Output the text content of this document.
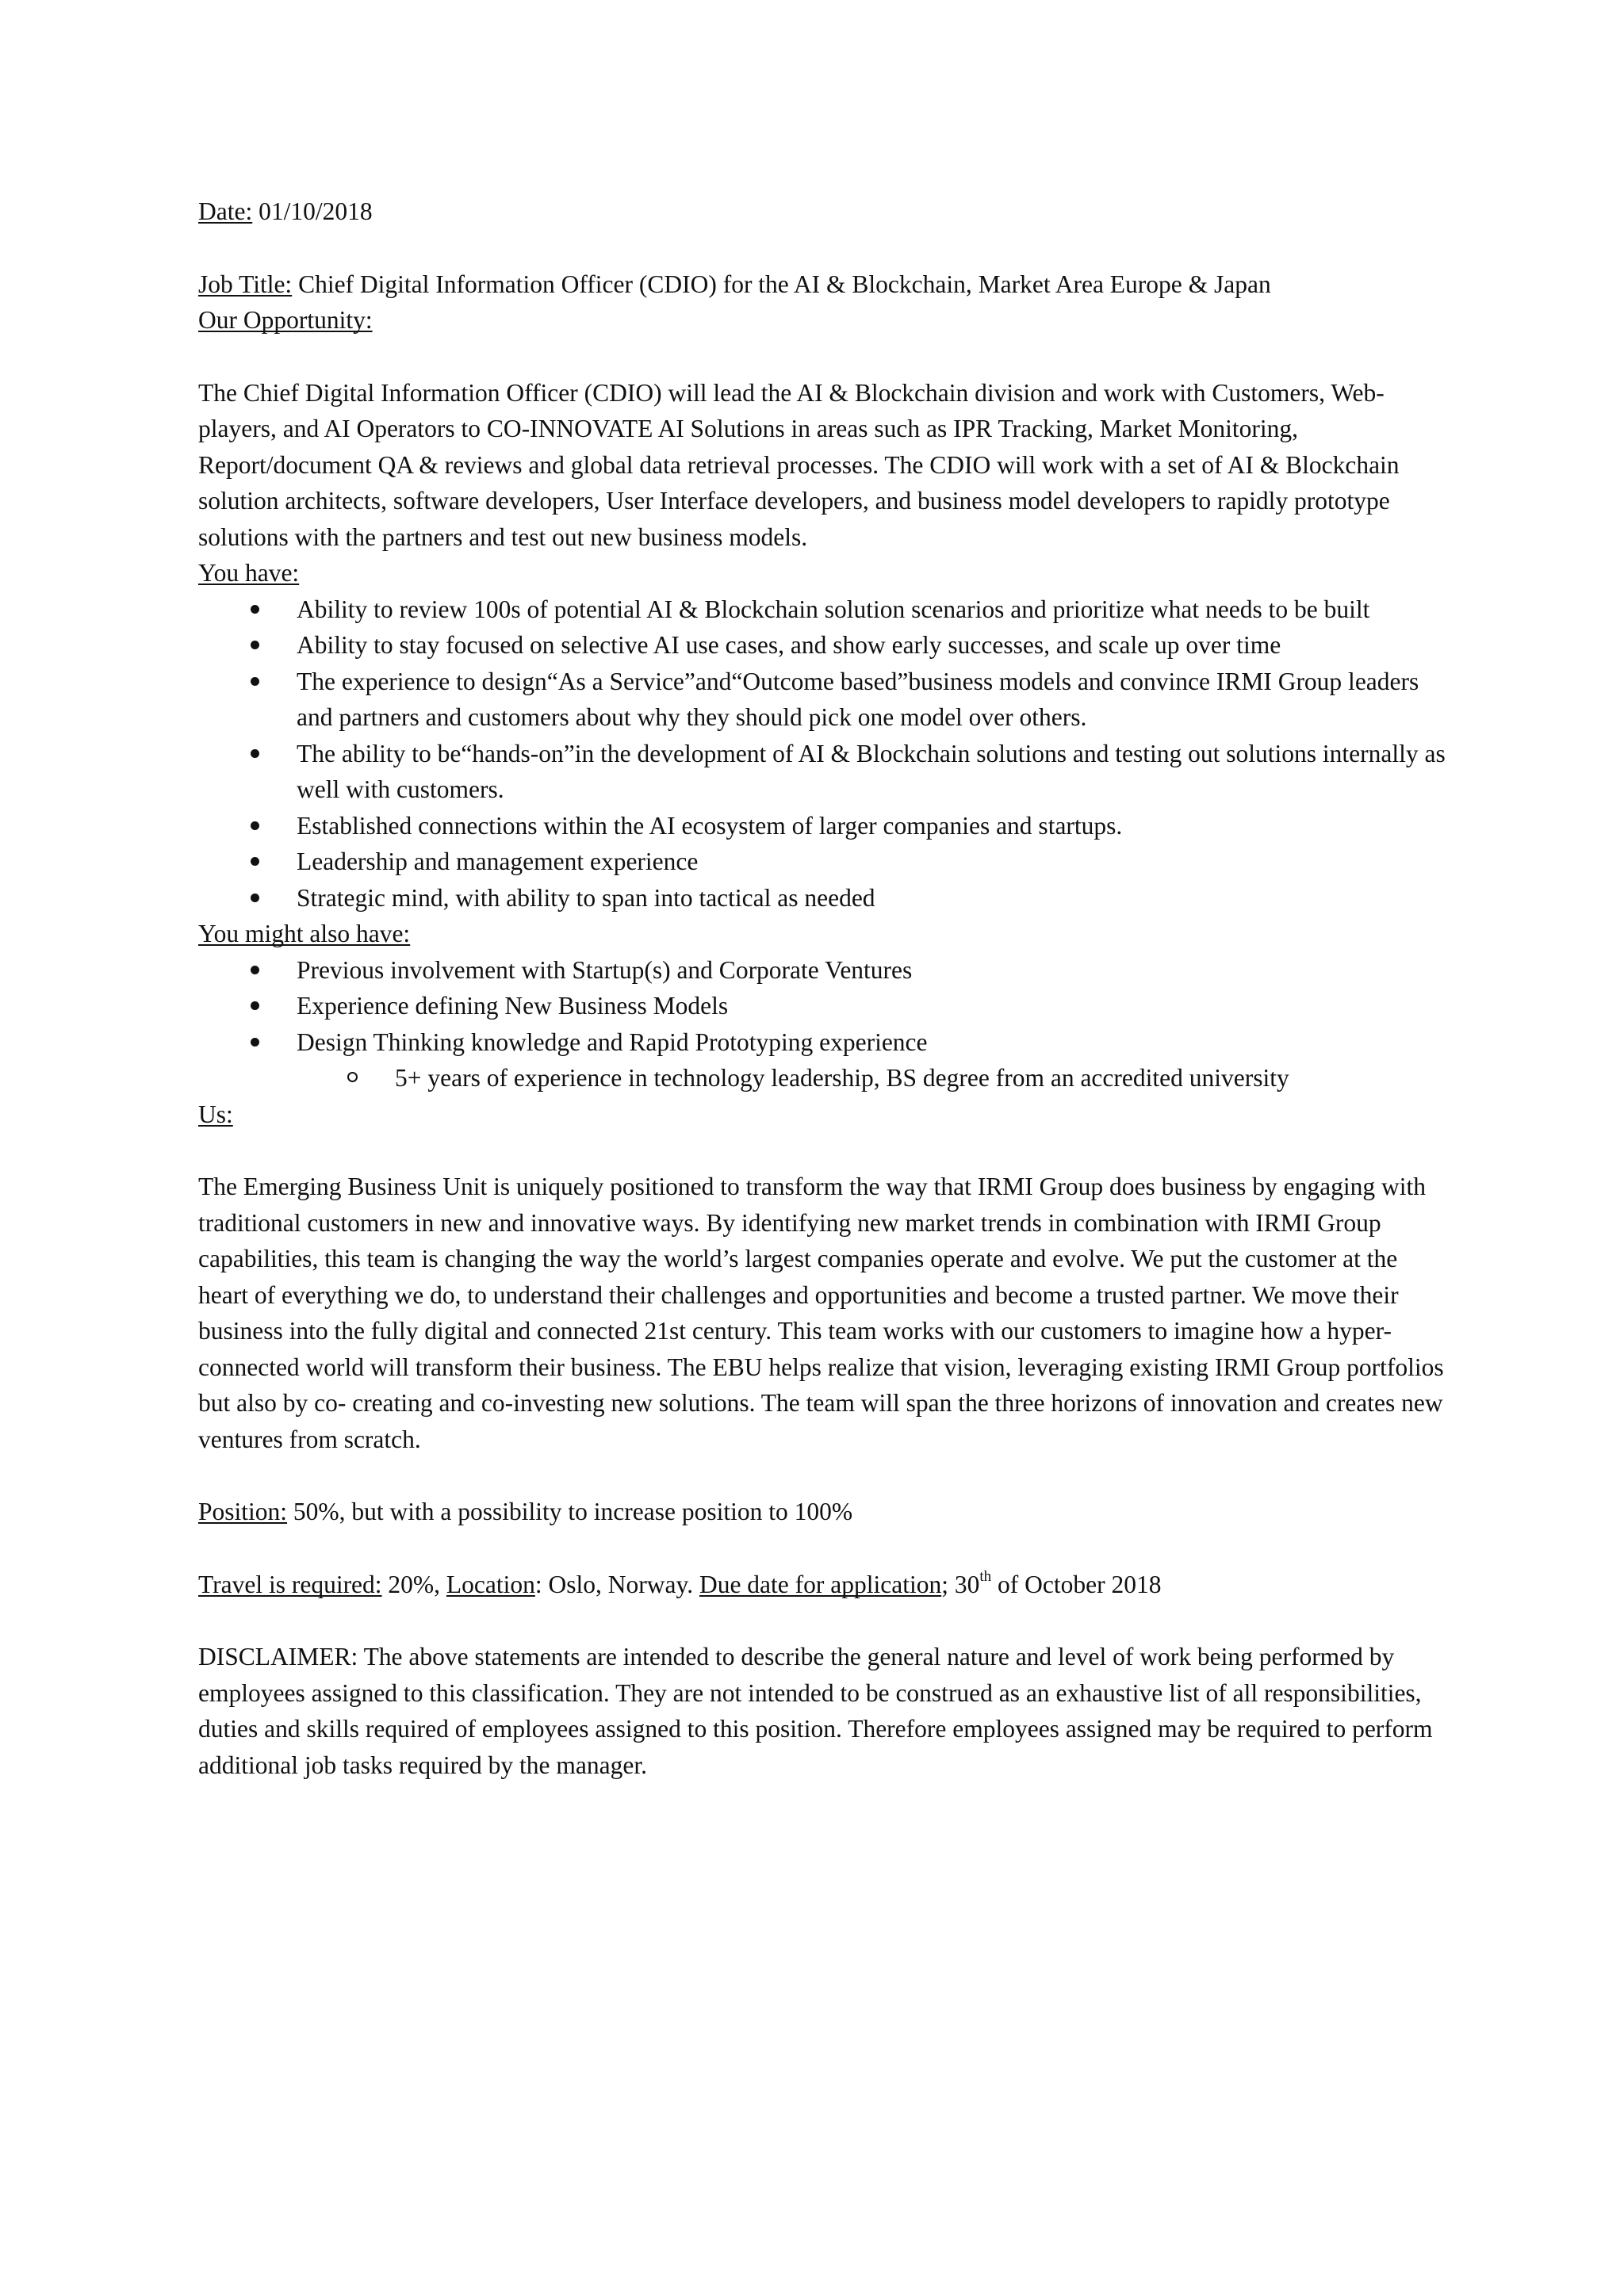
Date: 01/10/2018

Job Title: Chief Digital Information Officer (CDIO) for the AI & Blockchain, Market Area Europe & Japan

Our Opportunity:

The Chief Digital Information Officer (CDIO) will lead the AI & Blockchain division and work with Customers, Web-players, and AI Operators to CO-INNOVATE AI Solutions in areas such as IPR Tracking, Market Monitoring, Report/document QA & reviews and global data retrieval processes. The CDIO will work with a set of AI & Blockchain solution architects, software developers, User Interface developers, and business model developers to rapidly prototype solutions with the partners and test out new business models.

You have:

Ability to review 100s of potential AI & Blockchain solution scenarios and prioritize what needs to be built
Ability to stay focused on selective AI use cases, and show early successes, and scale up over time
The experience to design“As a Service”and“Outcome based”business models and convince IRMI Group leaders and partners and customers about why they should pick one model over others.
The ability to be“hands-on”in the development of AI & Blockchain solutions and testing out solutions internally as well with customers.
Established connections within the AI ecosystem of larger companies and startups.
Leadership and management experience
Strategic mind, with ability to span into tactical as needed

You might also have:

Previous involvement with Startup(s) and Corporate Ventures
Experience defining New Business Models
Design Thinking knowledge and Rapid Prototyping experience
5+ years of experience in technology leadership, BS degree from an accredited university

Us:

The Emerging Business Unit is uniquely positioned to transform the way that IRMI Group does business by engaging with traditional customers in new and innovative ways. By identifying new market trends in combination with IRMI Group capabilities, this team is changing the way the world’s largest companies operate and evolve. We put the customer at the heart of everything we do, to understand their challenges and opportunities and become a trusted partner. We move their business into the fully digital and connected 21st century. This team works with our customers to imagine how a hyper-connected world will transform their business. The EBU helps realize that vision, leveraging existing IRMI Group portfolios but also by co- creating and co-investing new solutions. The team will span the three horizons of innovation and creates new ventures from scratch.

Position: 50%, but with a possibility to increase position to 100%

Travel is required: 20%, Location: Oslo, Norway. Due date for application; 30th of October 2018

DISCLAIMER: The above statements are intended to describe the general nature and level of work being performed by employees assigned to this classification. They are not intended to be construed as an exhaustive list of all responsibilities, duties and skills required of employees assigned to this position. Therefore employees assigned may be required to perform additional job tasks required by the manager.
